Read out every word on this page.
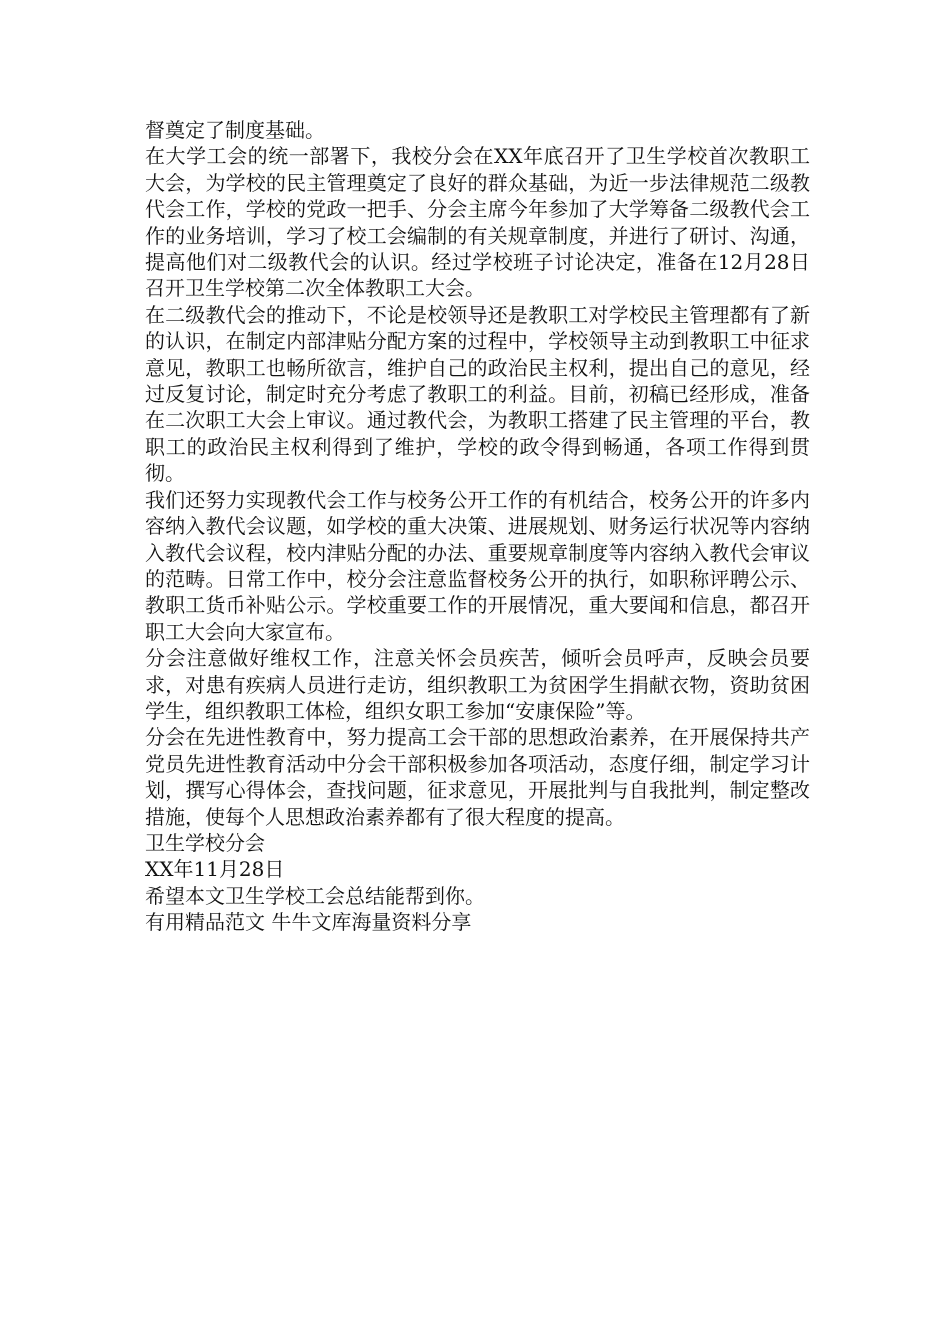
督奠定了制度基础。

在大学工会的统一部署下，我校分会在XX年底召开了卫生学校首次教职工大会，为学校的民主管理奠定了良好的群众基础，为近一步法律规范二级教代会工作，学校的党政一把手、分会主席今年参加了大学筹备二级教代会工作的业务培训，学习了校工会编制的有关规章制度，并进行了研讨、沟通，提高他们对二级教代会的认识。经过学校班子讨论决定，准备在12月28日召开卫生学校第二次全体教职工大会。

在二级教代会的推动下，不论是校领导还是教职工对学校民主管理都有了新的认识，在制定内部津贴分配方案的过程中，学校领导主动到教职工中征求意见，教职工也畅所欲言，维护自己的政治民主权利，提出自己的意见，经过反复讨论，制定时充分考虑了教职工的利益。目前，初稿已经形成，准备在二次职工大会上审议。通过教代会，为教职工搭建了民主管理的平台，教职工的政治民主权利得到了维护，学校的政令得到畅通，各项工作得到贯彻。

我们还努力实现教代会工作与校务公开工作的有机结合，校务公开的许多内容纳入教代会议题，如学校的重大决策、进展规划、财务运行状况等内容纳入教代会议程，校内津贴分配的办法、重要规章制度等内容纳入教代会审议的范畴。日常工作中，校分会注意监督校务公开的执行，如职称评聘公示、教职工货币补贴公示。学校重要工作的开展情况，重大要闻和信息，都召开职工大会向大家宣布。

分会注意做好维权工作，注意关怀会员疾苦，倾听会员呼声，反映会员要求，对患有疾病人员进行走访，组织教职工为贫困学生捐献衣物，资助贫困学生，组织教职工体检，组织女职工参加“安康保险”等。

分会在先进性教育中，努力提高工会干部的思想政治素养，在开展保持共产党员先进性教育活动中分会干部积极参加各项活动，态度仔细，制定学习计划，撰写心得体会，查找问题，征求意见，开展批判与自我批判，制定整改措施，使每个人思想政治素养都有了很大程度的提高。

卫生学校分会

XX年11月28日

希望本文卫生学校工会总结能帮到你。

有用精品范文 牛牛文库海量资料分享
